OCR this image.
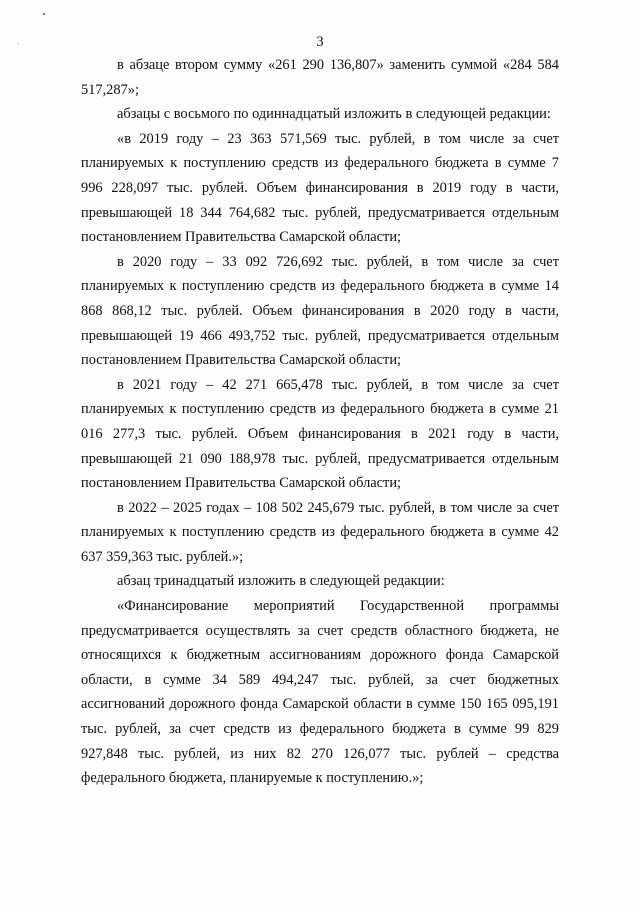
3

в абзаце втором сумму «261 290 136,807» заменить суммой «284 584 517,287»;

абзацы с восьмого по одиннадцатый изложить в следующей редакции:

«в 2019 году – 23 363 571,569 тыс. рублей, в том числе за счет планируемых к поступлению средств из федерального бюджета в сумме 7 996 228,097 тыс. рублей. Объем финансирования в 2019 году в части, превышающей 18 344 764,682 тыс. рублей, предусматривается отдельным постановлением Правительства Самарской области;

в 2020 году – 33 092 726,692 тыс. рублей, в том числе за счет планируемых к поступлению средств из федерального бюджета в сумме 14 868 868,12 тыс. рублей. Объем финансирования в 2020 году в части, превышающей 19 466 493,752 тыс. рублей, предусматривается отдельным постановлением Правительства Самарской области;

в 2021 году – 42 271 665,478 тыс. рублей, в том числе за счет планируемых к поступлению средств из федерального бюджета в сумме 21 016 277,3 тыс. рублей. Объем финансирования в 2021 году в части, превышающей 21 090 188,978 тыс. рублей, предусматривается отдельным постановлением Правительства Самарской области;

в 2022 – 2025 годах – 108 502 245,679 тыс. рублей, в том числе за счет планируемых к поступлению средств из федерального бюджета в сумме 42 637 359,363 тыс. рублей.»;

абзац тринадцатый изложить в следующей редакции:

«Финансирование мероприятий Государственной программы предусматривается осуществлять за счет средств областного бюджета, не относящихся к бюджетным ассигнованиям дорожного фонда Самарской области, в сумме 34 589 494,247 тыс. рублей, за счет бюджетных ассигнований дорожного фонда Самарской области в сумме 150 165 095,191 тыс. рублей, за счет средств из федерального бюджета в сумме 99 829 927,848 тыс. рублей, из них 82 270 126,077 тыс. рублей – средства федерального бюджета, планируемые к поступлению.»;
